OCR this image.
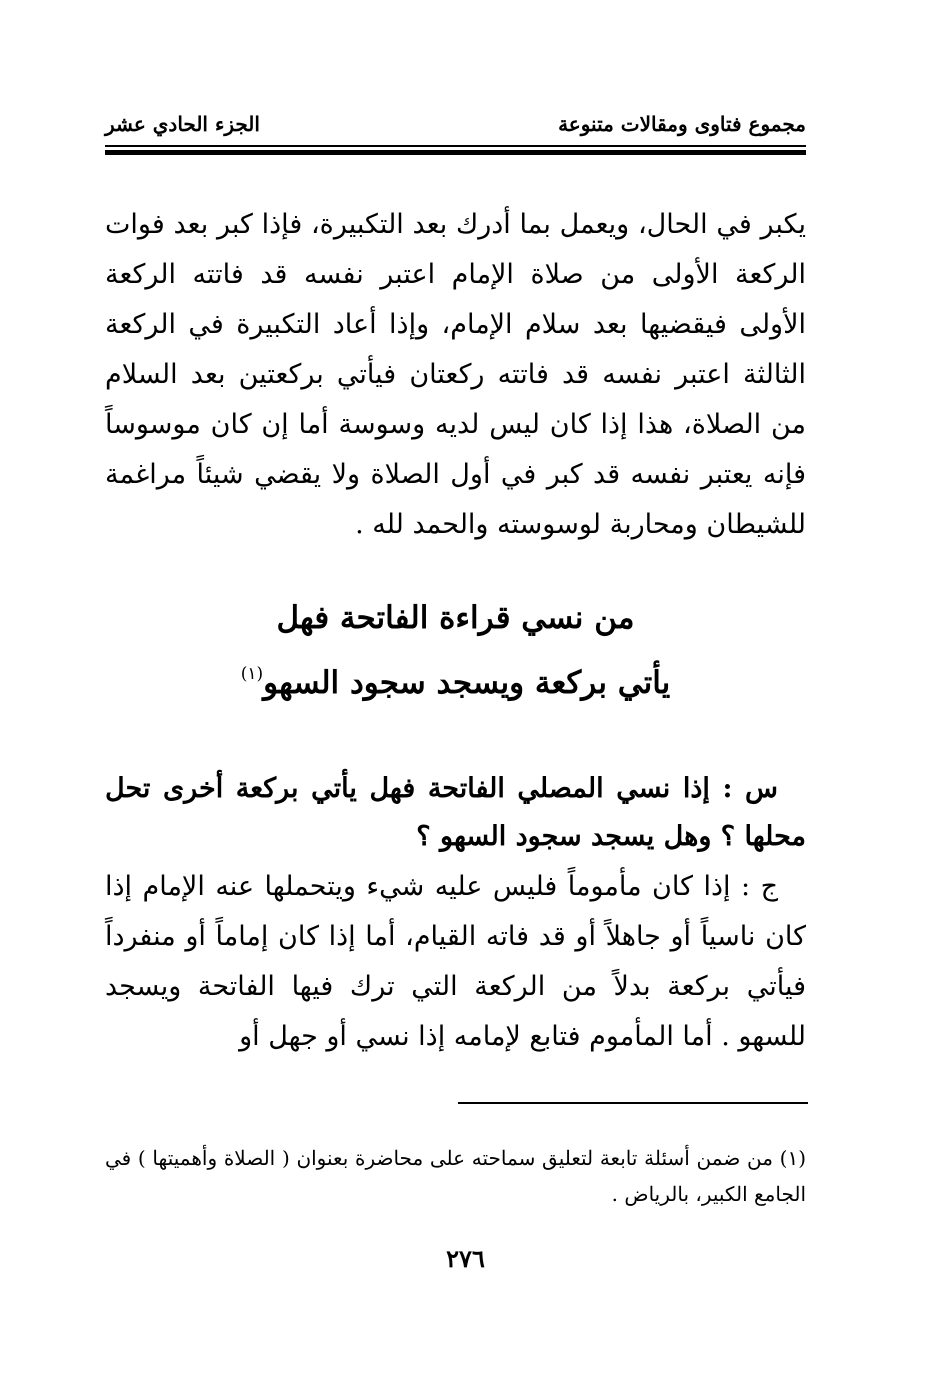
مجموع فتاوى ومقالات متنوعة
الجزء الحادي عشر
يكبر في الحال، ويعمل بما أدرك بعد التكبيرة، فإذا كبر بعد فوات الركعة الأولى من صلاة الإمام اعتبر نفسه قد فاتته الركعة الأولى فيقضيها بعد سلام الإمام، وإذا أعاد التكبيرة في الركعة الثالثة اعتبر نفسه قد فاتته ركعتان فيأتي بركعتين بعد السلام من الصلاة، هذا إذا كان ليس لديه وسوسة أما إن كان موسوساً فإنه يعتبر نفسه قد كبر في أول الصلاة ولا يقضي شيئاً مراغمة للشيطان ومحاربة لوسوسته والحمد لله .
من نسي قراءة الفاتحة فهل
يأتي بركعة ويسجد سجود السهو$^{(١)}$
س : إذا نسي المصلي الفاتحة فهل يأتي بركعة أخرى تحل محلها ؟ وهل يسجد سجود السهو ؟
ج : إذا كان مأموماً فليس عليه شيء ويتحملها عنه الإمام إذا كان ناسياً أو جاهلاً أو قد فاته القيام، أما إذا كان إماماً أو منفرداً فيأتي بركعة بدلاً من الركعة التي ترك فيها الفاتحة ويسجد للسهو . أما المأموم فتابع لإمامه إذا نسي أو جهل أو
(١) من ضمن أسئلة تابعة لتعليق سماحته على محاضرة بعنوان ( الصلاة وأهميتها ) في الجامع الكبير، بالرياض .
٢٧٦
